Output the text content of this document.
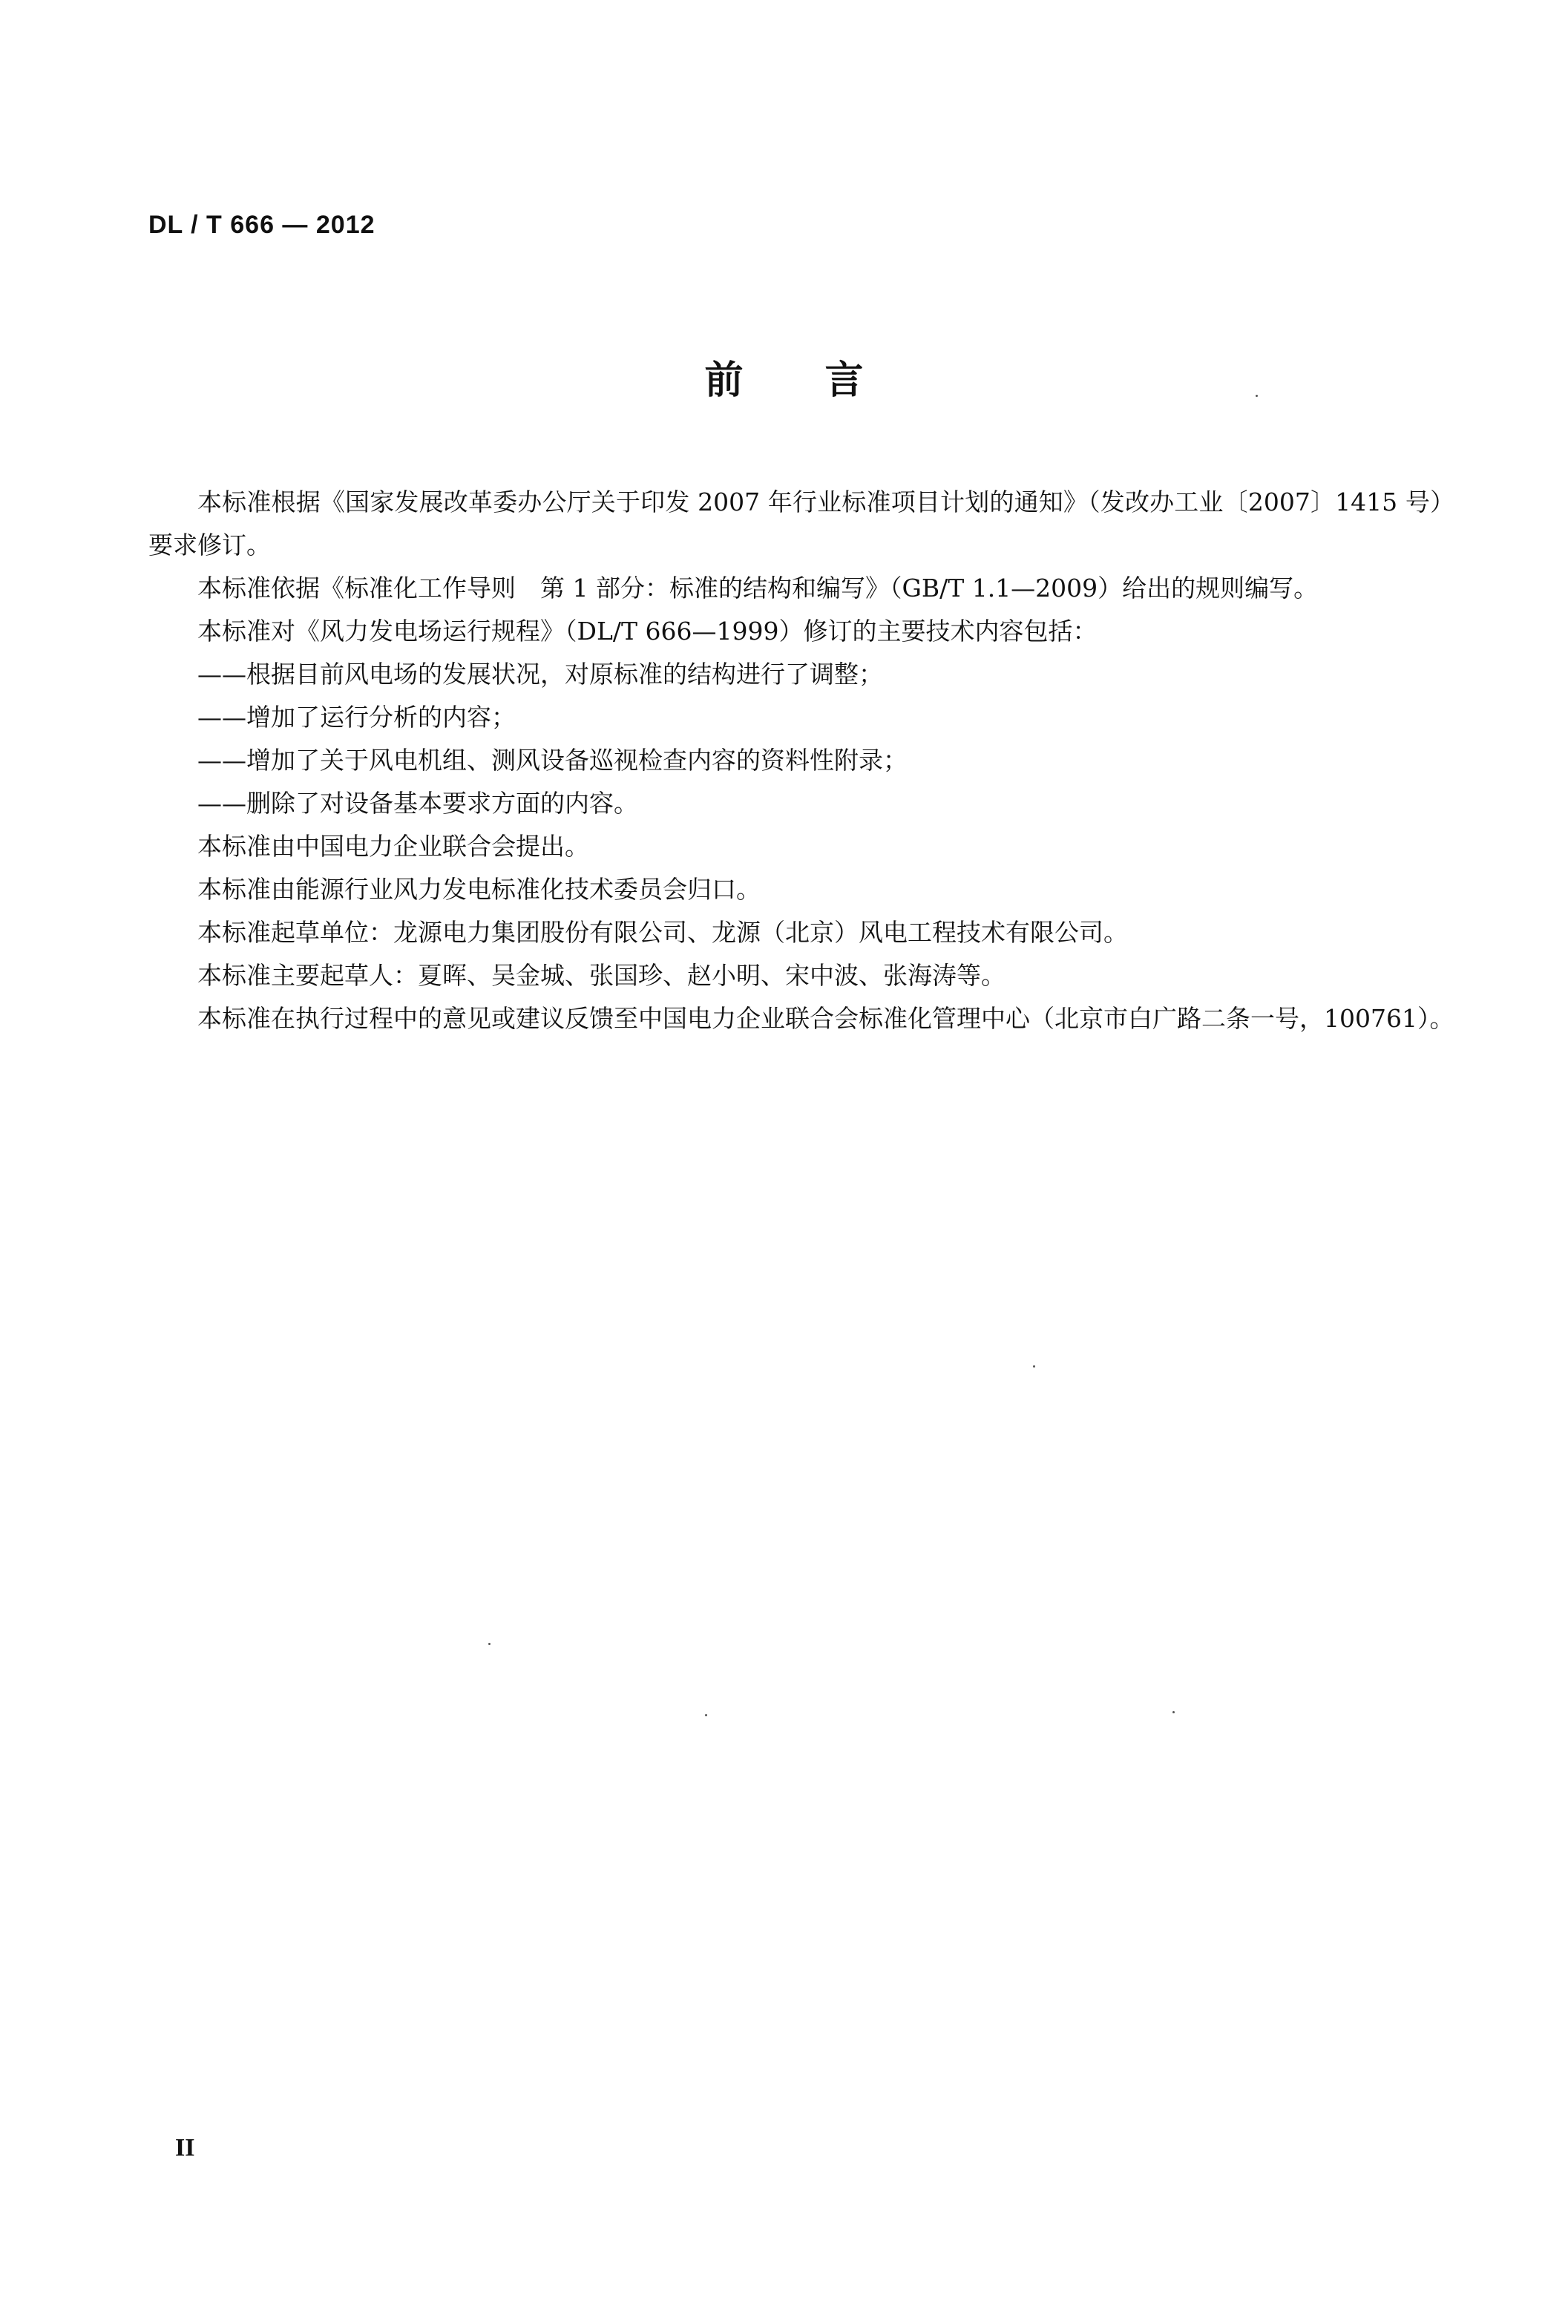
DL / T 666 — 2012
前言

本标准根据《国家发展改革委办公厅关于印发 2007 年行业标准项目计划的通知》（发改办工业〔2007〕1415 号）要求修订。

本标准依据《标准化工作导则　第 1 部分：标准的结构和编写》（GB/T 1.1—2009）给出的规则编写。

本标准对《风力发电场运行规程》（DL/T 666—1999）修订的主要技术内容包括：

——根据目前风电场的发展状况，对原标准的结构进行了调整；

——增加了运行分析的内容；

——增加了关于风电机组、测风设备巡视检查内容的资料性附录；

——删除了对设备基本要求方面的内容。

本标准由中国电力企业联合会提出。

本标准由能源行业风力发电标准化技术委员会归口。

本标准起草单位：龙源电力集团股份有限公司、龙源（北京）风电工程技术有限公司。

本标准主要起草人：夏晖、吴金城、张国珍、赵小明、宋中波、张海涛等。

本标准在执行过程中的意见或建议反馈至中国电力企业联合会标准化管理中心（北京市白广路二条一号，100761）。

II
